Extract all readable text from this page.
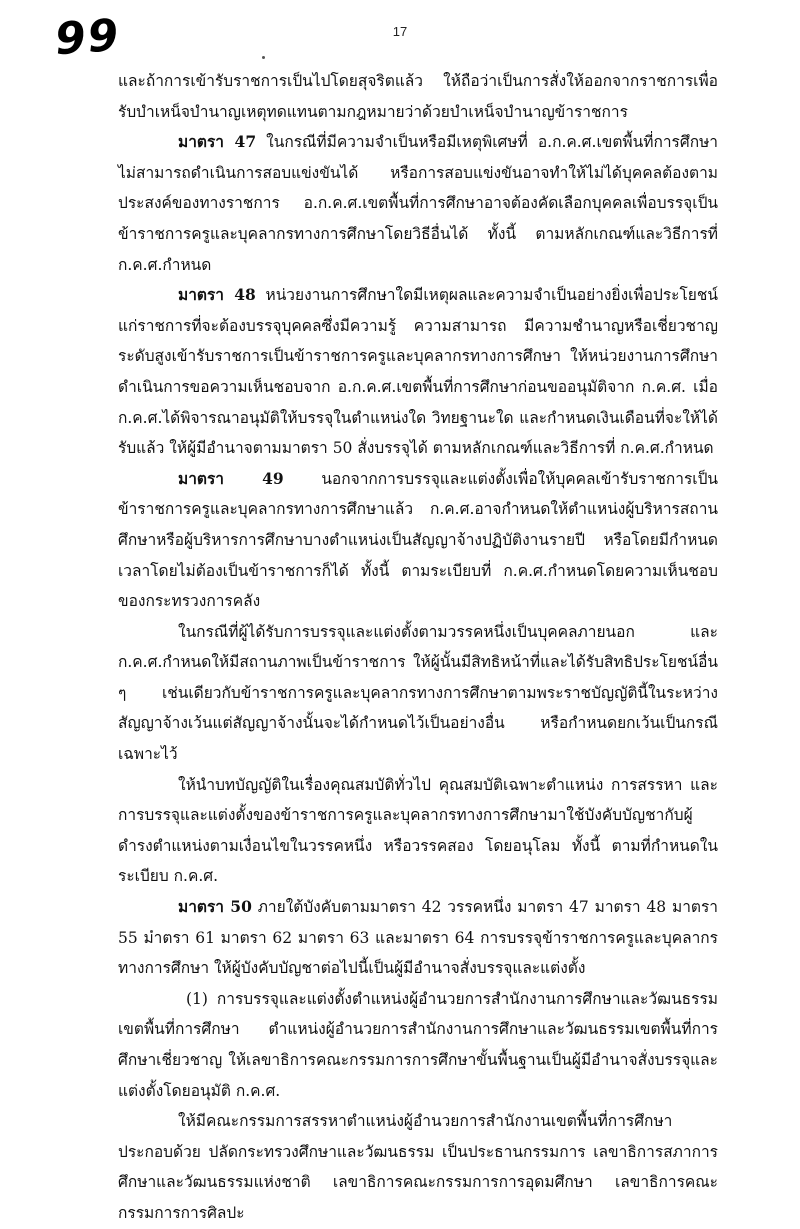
99	17

และถ้าการเข้ารับราชการเป็นไปโดยสุจริตแล้ว ให้ถือว่าเป็นการสั่งให้ออกจากราชการเพื่อรับบำเหน็จบำนาญเหตุทดแทนตามกฎหมายว่าด้วยบำเหน็จบำนาญข้าราชการ

มาตรา 47 ในกรณีที่มีความจำเป็นหรือมีเหตุพิเศษที่ อ.ก.ค.ศ.เขตพื้นที่การศึกษาไม่สามารถดำเนินการสอบแข่งขันได้ หรือการสอบแข่งขันอาจทำให้ไม่ได้บุคคลต้องตามประสงค์ของทางราชการ อ.ก.ค.ศ.เขตพื้นที่การศึกษาอาจต้องคัดเลือกบุคคลเพื่อบรรจุเป็นข้าราชการครูและบุคลากรทางการศึกษาโดยวิธีอื่นได้ ทั้งนี้ ตามหลักเกณฑ์และวิธีการที่ ก.ค.ศ.กำหนด

มาตรา 48 หน่วยงานการศึกษาใดมีเหตุผลและความจำเป็นอย่างยิ่งเพื่อประโยชน์แก่ราชการที่จะต้องบรรจุบุคคลซึ่งมีความรู้ ความสามารถ มีความชำนาญหรือเชี่ยวชาญระดับสูงเข้ารับราชการเป็นข้าราชการครูและบุคลากรทางการศึกษา ให้หน่วยงานการศึกษาดำเนินการขอความเห็นชอบจาก อ.ก.ค.ศ.เขตพื้นที่การศึกษาก่อนขออนุมัติจาก ก.ค.ศ. เมื่อ ก.ค.ศ.ได้พิจารณาอนุมัติให้บรรจุในตำแหน่งใด วิทยฐานะใด และกำหนดเงินเดือนที่จะให้ได้รับแล้ว ให้ผู้มีอำนาจตามมาตรา 50 สั่งบรรจุได้ ตามหลักเกณฑ์และวิธีการที่ ก.ค.ศ.กำหนด

มาตรา 49 นอกจากการบรรจุและแต่งตั้งเพื่อให้บุคคลเข้ารับราชการเป็นข้าราชการครูและบุคลากรทางการศึกษาแล้ว ก.ค.ศ.อาจกำหนดให้ตำแหน่งผู้บริหารสถานศึกษาหรือผู้บริหารการศึกษาบางตำแหน่งเป็นสัญญาจ้างปฏิบัติงานรายปี หรือโดยมีกำหนดเวลาโดยไม่ต้องเป็นข้าราชการก็ได้ ทั้งนี้ ตามระเบียบที่ ก.ค.ศ.กำหนดโดยความเห็นชอบของกระทรวงการคลัง

ในกรณีที่ผู้ได้รับการบรรจุและแต่งตั้งตามวรรคหนึ่งเป็นบุคคลภายนอก และ ก.ค.ศ.กำหนดให้มีสถานภาพเป็นข้าราชการ ให้ผู้นั้นมีสิทธิหน้าที่และได้รับสิทธิประโยชน์อื่น ๆ เช่นเดียวกับข้าราชการครูและบุคลากรทางการศึกษาตามพระราชบัญญัตินี้ในระหว่างสัญญาจ้างเว้นแต่สัญญาจ้างนั้นจะได้กำหนดไว้เป็นอย่างอื่น หรือกำหนดยกเว้นเป็นกรณีเฉพาะไว้

ให้นำบทบัญญัติในเรื่องคุณสมบัติทั่วไป คุณสมบัติเฉพาะตำแหน่ง การสรรหา และการบรรจุและแต่งตั้งของข้าราชการครูและบุคลากรทางการศึกษามาใช้บังคับบัญชากับผู้ดำรงตำแหน่งตามเงื่อนไขในวรรคหนึ่ง หรือวรรคสอง โดยอนุโลม ทั้งนี้ ตามที่กำหนดในระเบียบ ก.ค.ศ.

มาตรา 50 ภายใต้บังคับตามมาตรา 42 วรรคหนึ่ง มาตรา 47 มาตรา 48 มาตรา 55 มาตรา 61 มาตรา 62 มาตรา 63 และมาตรา 64 การบรรจุข้าราชการครูและบุคลากรทางการศึกษา ให้ผู้บังคับบัญชาต่อไปนี้เป็นผู้มีอำนาจสั่งบรรจุและแต่งตั้ง

(1) การบรรจุและแต่งตั้งตำแหน่งผู้อำนวยการสำนักงานการศึกษาและวัฒนธรรมเขตพื้นที่การศึกษา ตำแหน่งผู้อำนวยการสำนักงานการศึกษาและวัฒนธรรมเขตพื้นที่การศึกษาเชี่ยวชาญ ให้เลขาธิการคณะกรรมการการศึกษาขั้นพื้นฐานเป็นผู้มีอำนาจสั่งบรรจุและแต่งตั้งโดยอนุมัติ ก.ค.ศ.

ให้มีคณะกรรมการสรรหาตำแหน่งผู้อำนวยการสำนักงานเขตพื้นที่การศึกษาประกอบด้วย ปลัดกระทรวงศึกษาและวัฒนธรรม เป็นประธานกรรมการ เลขาธิการสภาการศึกษาและวัฒนธรรมแห่งชาติ เลขาธิการคณะกรรมการการอุดมศึกษา เลขาธิการคณะกรรมการการศิลปะ
